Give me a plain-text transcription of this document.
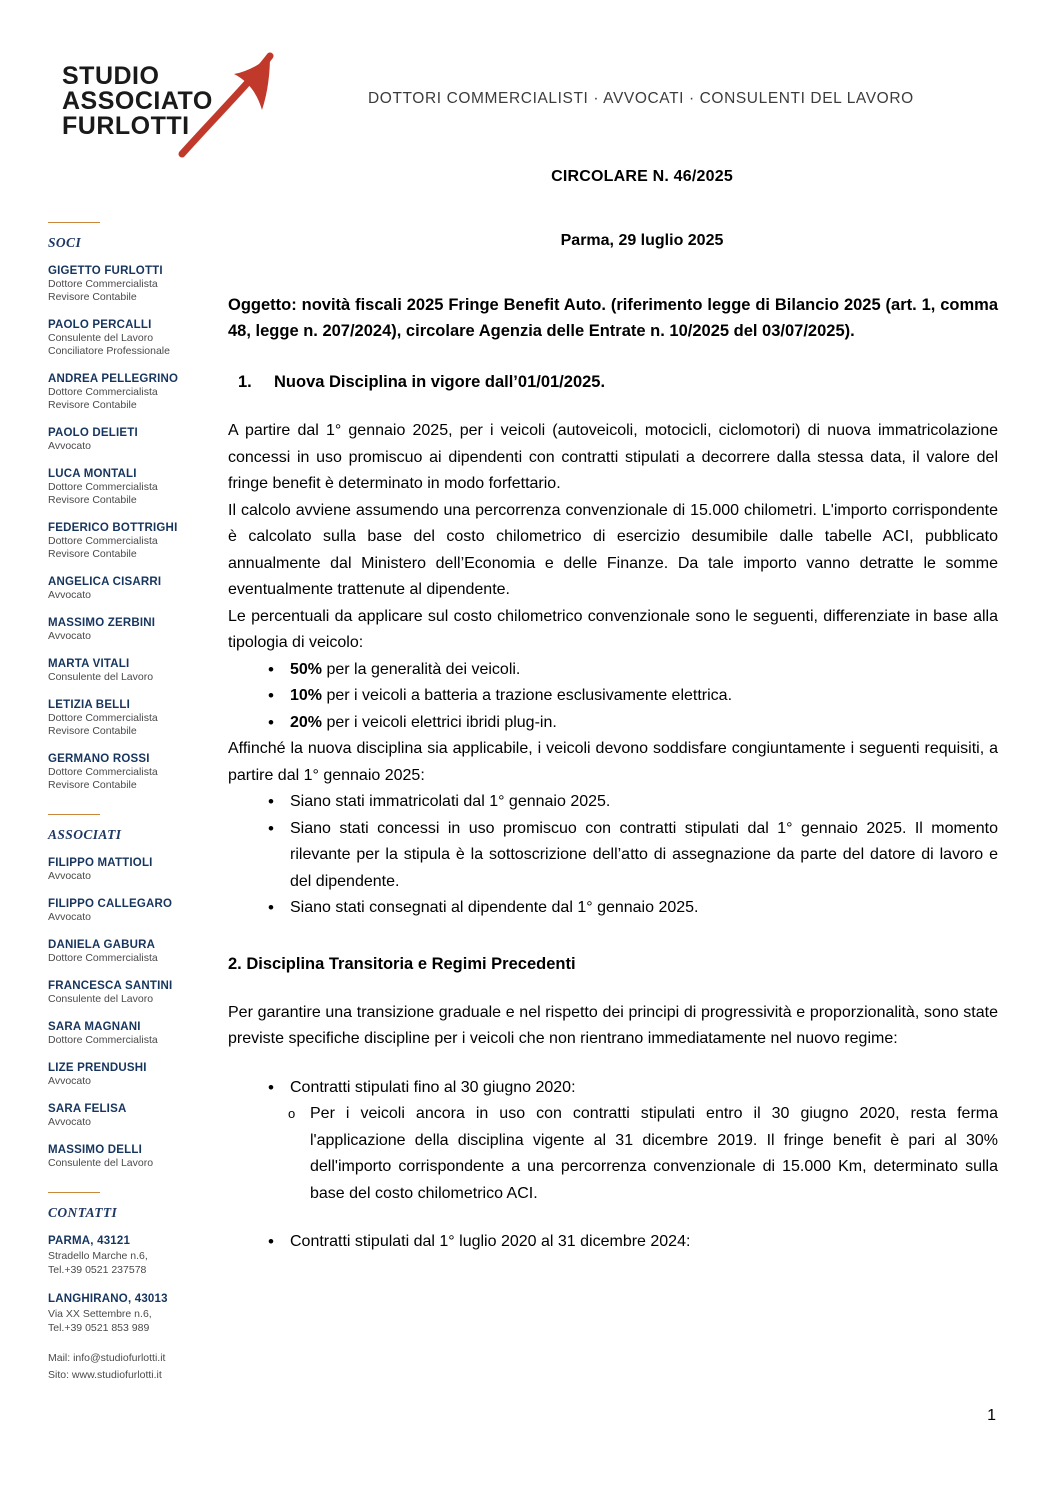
STUDIO
ASSOCIATO
FURLOTTI
DOTTORI COMMERCIALISTI · AVVOCATI · CONSULENTI DEL LAVORO
SOCI
GIGETTO FURLOTTI
Dottore Commercialista
Revisore Contabile
PAOLO PERCALLI
Consulente del Lavoro
Conciliatore Professionale
ANDREA PELLEGRINO
Dottore Commercialista
Revisore Contabile
PAOLO DELIETI
Avvocato
LUCA MONTALI
Dottore Commercialista
Revisore Contabile
FEDERICO BOTTRIGHI
Dottore Commercialista
Revisore Contabile
ANGELICA CISARRI
Avvocato
MASSIMO ZERBINI
Avvocato
MARTA VITALI
Consulente del Lavoro
LETIZIA BELLI
Dottore Commercialista
Revisore Contabile
GERMANO ROSSI
Dottore Commercialista
Revisore Contabile
ASSOCIATI
FILIPPO MATTIOLI
Avvocato
FILIPPO CALLEGARO
Avvocato
DANIELA GABURA
Dottore Commercialista
FRANCESCA SANTINI
Consulente del Lavoro
SARA MAGNANI
Dottore Commercialista
LIZE PRENDUSHI
Avvocato
SARA FELISA
Avvocato
MASSIMO DELLI
Consulente del Lavoro
CONTATTI
PARMA, 43121
Stradello Marche n.6,
Tel.+39 0521 237578
LANGHIRANO, 43013
Via XX Settembre n.6,
Tel.+39 0521 853 989
Mail: info@studiofurlotti.it
Sito: www.studiofurlotti.it
CIRCOLARE N. 46/2025
Parma, 29 luglio 2025
Oggetto: novità fiscali 2025 Fringe Benefit Auto. (riferimento legge di Bilancio 2025 (art. 1, comma 48, legge n. 207/2024), circolare Agenzia delle Entrate n. 10/2025 del 03/07/2025).
1. Nuova Disciplina in vigore dall’01/01/2025.

A partire dal 1° gennaio 2025, per i veicoli (autoveicoli, motocicli, ciclomotori) di nuova immatricolazione concessi in uso promiscuo ai dipendenti con contratti stipulati a decorrere dalla stessa data, il valore del fringe benefit è determinato in modo forfettario.

Il calcolo avviene assumendo una percorrenza convenzionale di 15.000 chilometri. L'importo corrispondente è calcolato sulla base del costo chilometrico di esercizio desumibile dalle tabelle ACI, pubblicato annualmente dal Ministero dell’Economia e delle Finanze. Da tale importo vanno detratte le somme eventualmente trattenute al dipendente.

Le percentuali da applicare sul costo chilometrico convenzionale sono le seguenti, differenziate in base alla tipologia di veicolo:

• 50% per la generalità dei veicoli.
• 10% per i veicoli a batteria a trazione esclusivamente elettrica.
• 20% per i veicoli elettrici ibridi plug-in.

Affinché la nuova disciplina sia applicabile, i veicoli devono soddisfare congiuntamente i seguenti requisiti, a partire dal 1° gennaio 2025:

• Siano stati immatricolati dal 1° gennaio 2025.
• Siano stati concessi in uso promiscuo con contratti stipulati dal 1° gennaio 2025. Il momento rilevante per la stipula è la sottoscrizione dell’atto di assegnazione da parte del datore di lavoro e del dipendente.
• Siano stati consegnati al dipendente dal 1° gennaio 2025.
2. Disciplina Transitoria e Regimi Precedenti

Per garantire una transizione graduale e nel rispetto dei principi di progressività e proporzionalità, sono state previste specifiche discipline per i veicoli che non rientrano immediatamente nel nuovo regime:

• Contratti stipulati fino al 30 giugno 2020:
o Per i veicoli ancora in uso con contratti stipulati entro il 30 giugno 2020, resta ferma l'applicazione della disciplina vigente al 31 dicembre 2019. Il fringe benefit è pari al 30% dell'importo corrispondente a una percorrenza convenzionale di 15.000 Km, determinato sulla base del costo chilometrico ACI.
• Contratti stipulati dal 1° luglio 2020 al 31 dicembre 2024:
1
